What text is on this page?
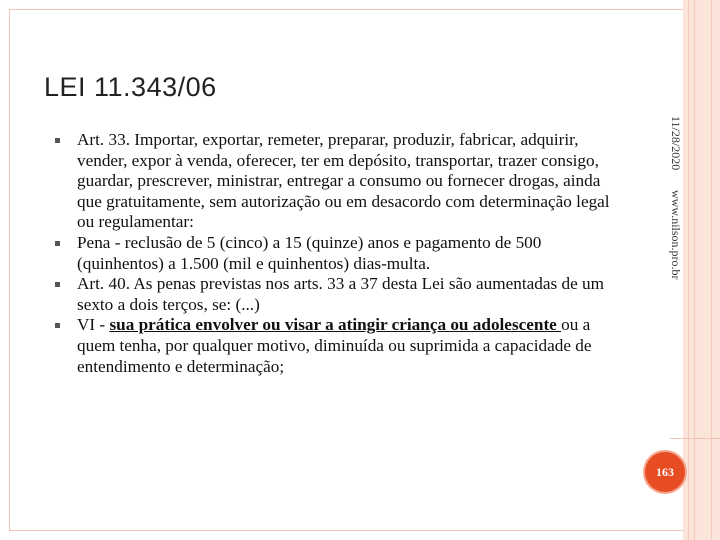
LEI 11.343/06
11/28/2020
www.nilson.pro.br
Art. 33. Importar, exportar, remeter, preparar, produzir, fabricar, adquirir, vender, expor à venda, oferecer, ter em depósito, transportar, trazer consigo, guardar, prescrever, ministrar, entregar a consumo ou fornecer drogas, ainda que gratuitamente, sem autorização ou em desacordo com determinação legal ou regulamentar:
Pena - reclusão de 5 (cinco) a 15 (quinze) anos e pagamento de 500 (quinhentos) a 1.500 (mil e quinhentos) dias-multa.
Art. 40. As penas previstas nos arts. 33 a 37 desta Lei são aumentadas de um sexto a dois terços, se: (...)
VI - sua prática envolver ou visar a atingir criança ou adolescente ou a quem tenha, por qualquer motivo, diminuída ou suprimida a capacidade de entendimento e determinação;
163
